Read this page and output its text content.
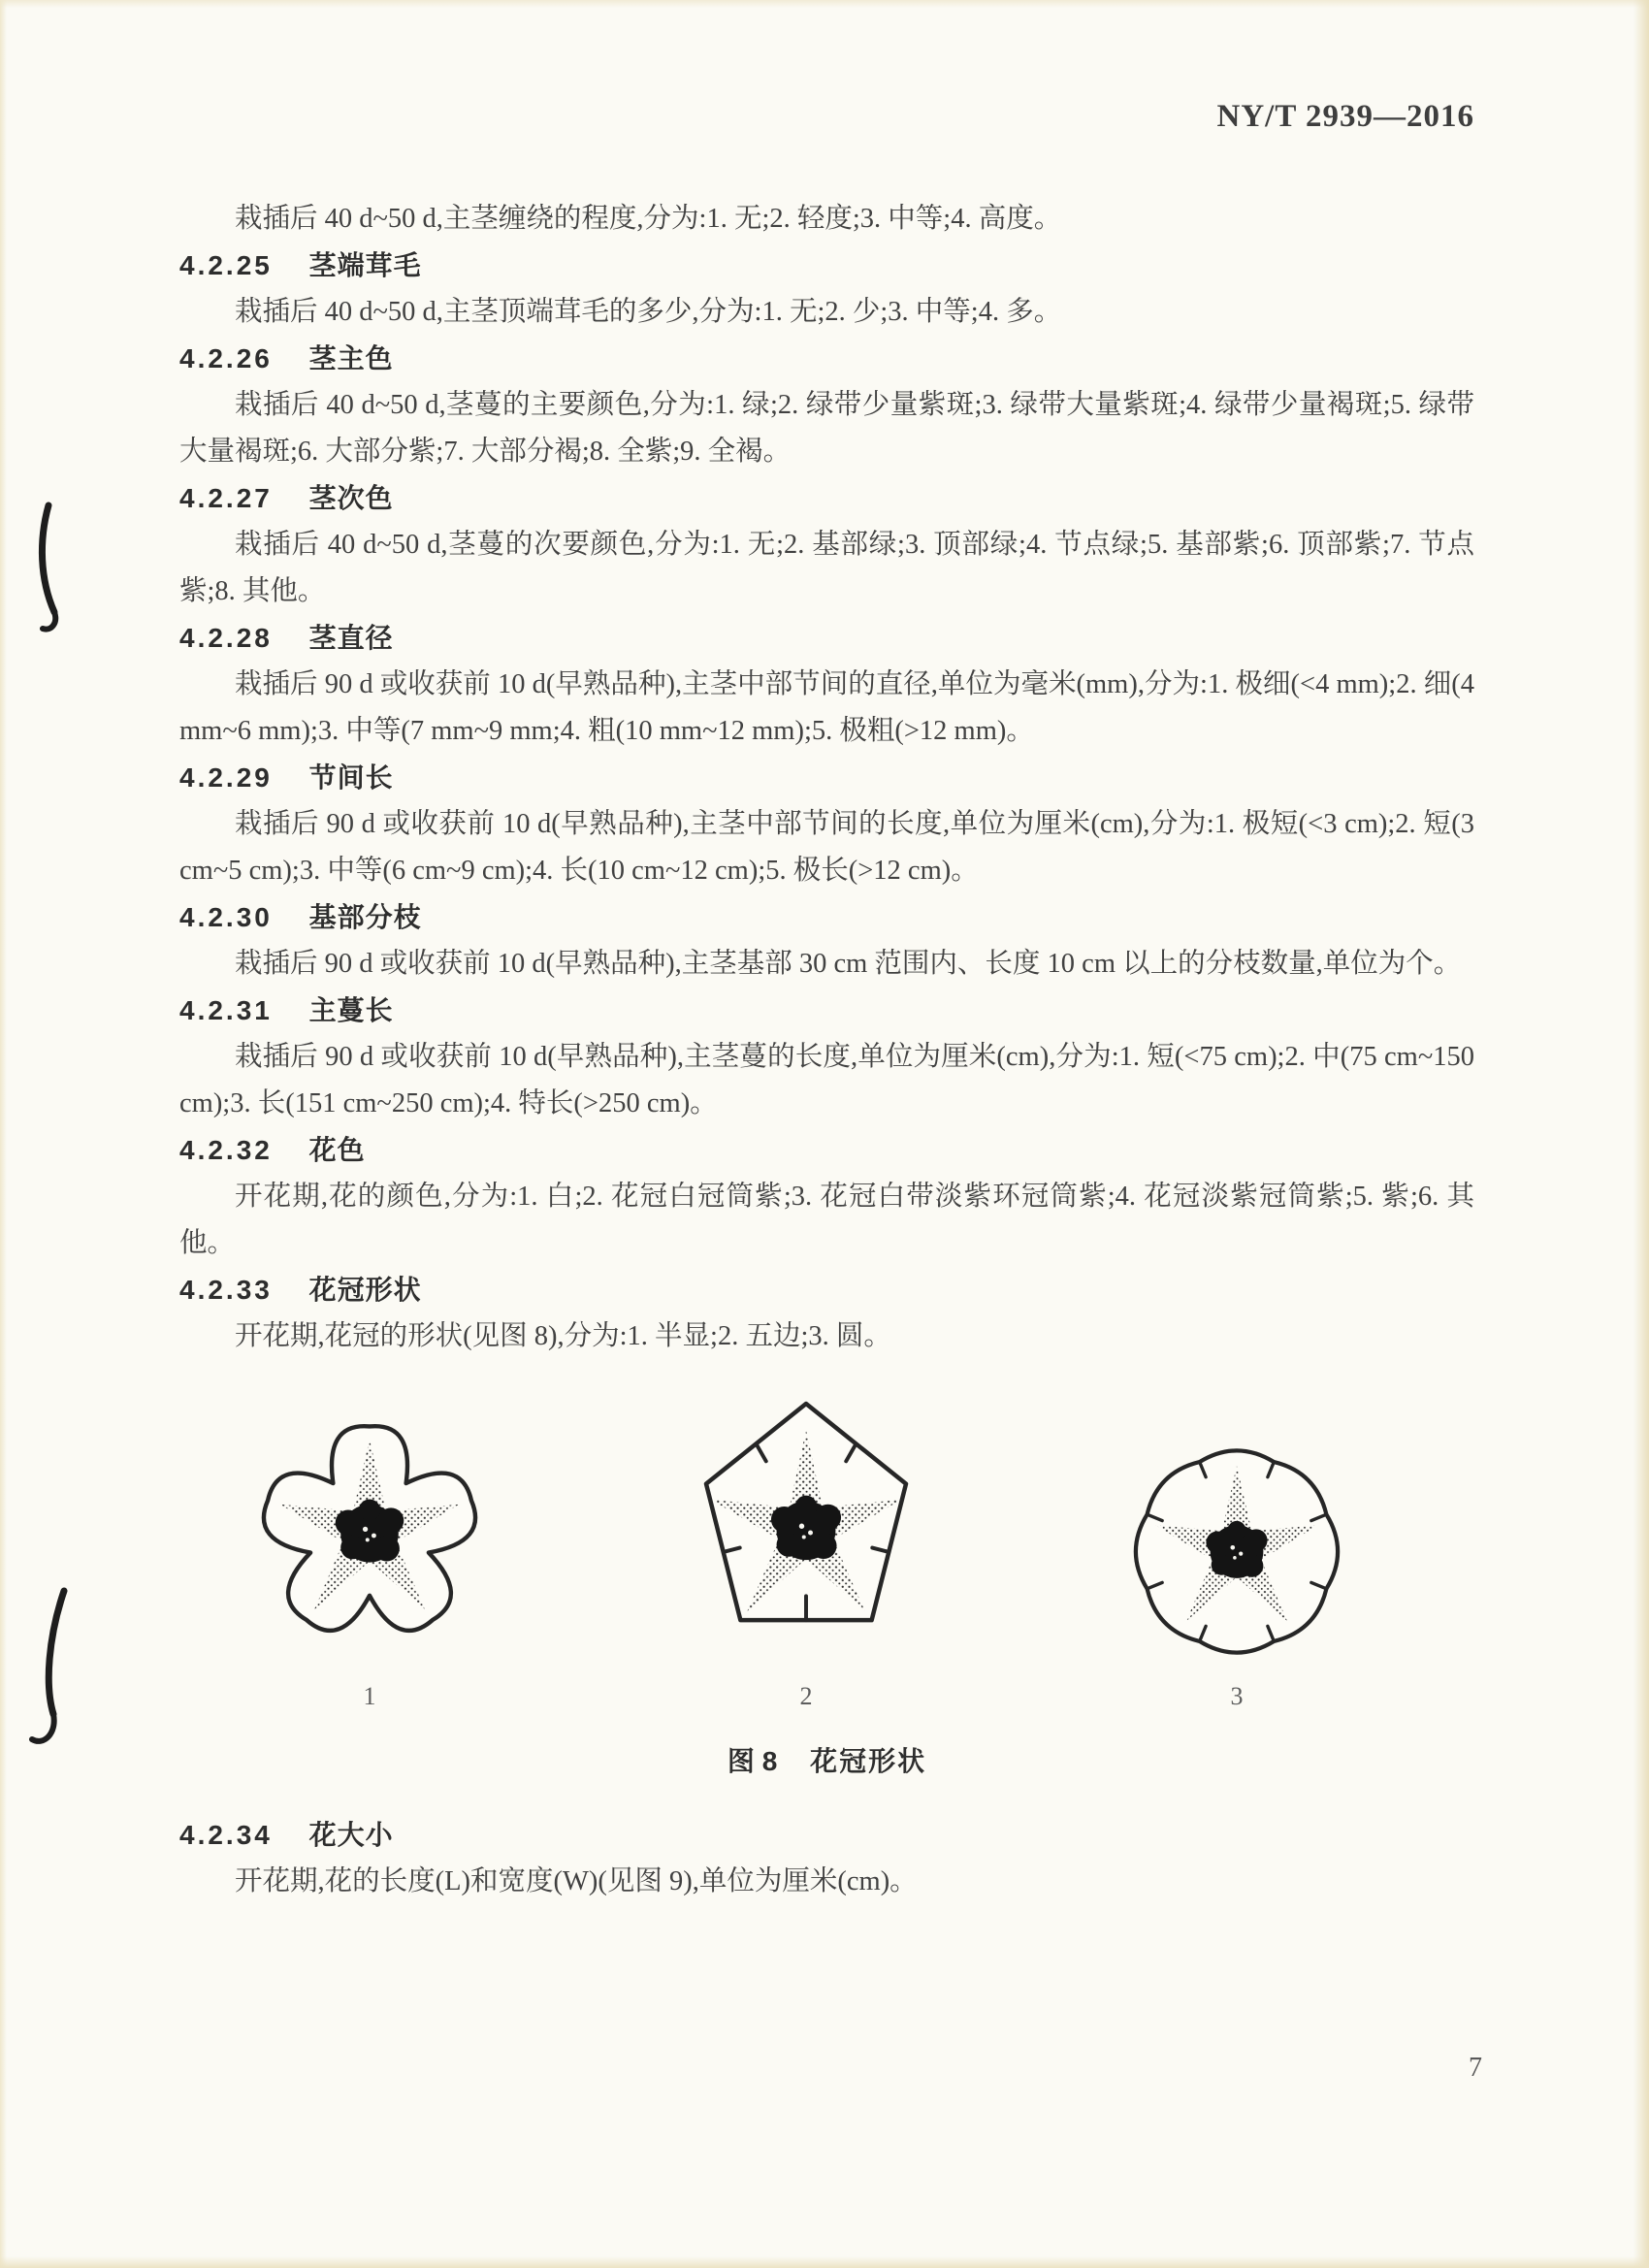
NY/T 2939—2016

栽插后 40 d~50 d,主茎缠绕的程度,分为:1. 无;2. 轻度;3. 中等;4. 高度。

4.2.25 茎端茸毛

栽插后 40 d~50 d,主茎顶端茸毛的多少,分为:1. 无;2. 少;3. 中等;4. 多。

4.2.26 茎主色

栽插后 40 d~50 d,茎蔓的主要颜色,分为:1. 绿;2. 绿带少量紫斑;3. 绿带大量紫斑;4. 绿带少量褐斑;5. 绿带大量褐斑;6. 大部分紫;7. 大部分褐;8. 全紫;9. 全褐。

4.2.27 茎次色

栽插后 40 d~50 d,茎蔓的次要颜色,分为:1. 无;2. 基部绿;3. 顶部绿;4. 节点绿;5. 基部紫;6. 顶部紫;7. 节点紫;8. 其他。

4.2.28 茎直径

栽插后 90 d 或收获前 10 d(早熟品种),主茎中部节间的直径,单位为毫米(mm),分为:1. 极细(<4 mm);2. 细(4 mm~6 mm);3. 中等(7 mm~9 mm;4. 粗(10 mm~12 mm);5. 极粗(>12 mm)。

4.2.29 节间长

栽插后 90 d 或收获前 10 d(早熟品种),主茎中部节间的长度,单位为厘米(cm),分为:1. 极短(<3 cm);2. 短(3 cm~5 cm);3. 中等(6 cm~9 cm);4. 长(10 cm~12 cm);5. 极长(>12 cm)。

4.2.30 基部分枝

栽插后 90 d 或收获前 10 d(早熟品种),主茎基部 30 cm 范围内、长度 10 cm 以上的分枝数量,单位为个。

4.2.31 主蔓长

栽插后 90 d 或收获前 10 d(早熟品种),主茎蔓的长度,单位为厘米(cm),分为:1. 短(<75 cm);2. 中(75 cm~150 cm);3. 长(151 cm~250 cm);4. 特长(>250 cm)。

4.2.32 花色

开花期,花的颜色,分为:1. 白;2. 花冠白冠筒紫;3. 花冠白带淡紫环冠筒紫;4. 花冠淡紫冠筒紫;5. 紫;6. 其他。

4.2.33 花冠形状

开花期,花冠的形状(见图 8),分为:1. 半显;2. 五边;3. 圆。

1	2	3
图 8 花冠形状
4.2.34 花大小

开花期,花的长度(L)和宽度(W)(见图 9),单位为厘米(cm)。

7
